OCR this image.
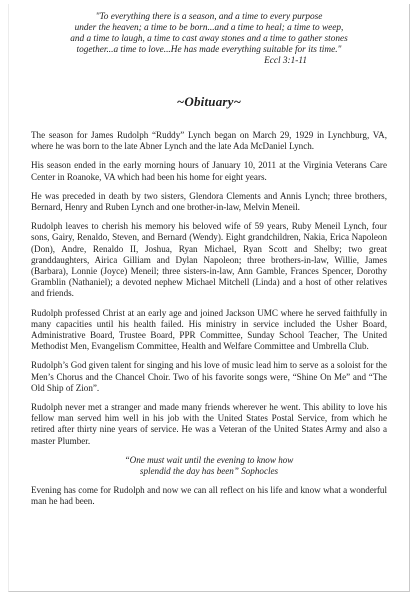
"To everything there is a season, and a time to every purpose
under the heaven; a time to be born...and a time to heal; a time to weep,
and a time to laugh, a time to cast away stones and a time to gather stones
together...a time to love...He has made everything suitable for its time."
Eccl 3:1-11
~Obituary~

The season for James Rudolph “Ruddy” Lynch began on March 29, 1929 in Lynchburg, VA, where he was born to the late Abner Lynch and the late Ada McDaniel Lynch.

His season ended in the early morning hours of January 10, 2011 at the Virginia Veterans Care Center in Roanoke, VA which had been his home for eight years.

He was preceded in death by two sisters, Glendora Clements and Annis Lynch; three brothers, Bernard, Henry and Ruben Lynch and one brother-in-law, Melvin Meneil.

Rudolph leaves to cherish his memory his beloved wife of 59 years, Ruby Meneil Lynch, four sons, Gairy, Renaldo, Steven, and Bernard (Wendy). Eight grandchildren, Nakia, Erica Napoleon (Don), Andre, Renaldo II, Joshua, Ryan Michael, Ryan Scott and Shelby; two great granddaughters, Airica Gilliam and Dylan Napoleon; three brothers-in-law, Willie, James (Barbara), Lonnie (Joyce) Meneil; three sisters-in-law, Ann Gamble, Frances Spencer, Dorothy Gramblin (Nathaniel); a devoted nephew Michael Mitchell (Linda) and a host of other relatives and friends.

Rudolph professed Christ at an early age and joined Jackson UMC where he served faithfully in many capacities until his health failed. His ministry in service included the Usher Board, Administrative Board, Trustee Board, PPR Committee, Sunday School Teacher, The United Methodist Men, Evangelism Committee, Health and Welfare Committee and Umbrella Club.

Rudolph’s God given talent for singing and his love of music lead him to serve as a soloist for the Men’s Chorus and the Chancel Choir. Two of his favorite songs were, “Shine On Me” and “The Old Ship of Zion”.

Rudolph never met a stranger and made many friends wherever he went. This ability to love his fellow man served him well in his job with the United States Postal Service, from which he retired after thirty nine years of service. He was a Veteran of the United States Army and also a master Plumber.

“One must wait until the evening to know how
splendid the day has been” Sophocles

Evening has come for Rudolph and now we can all reflect on his life and know what a wonderful man he had been.
